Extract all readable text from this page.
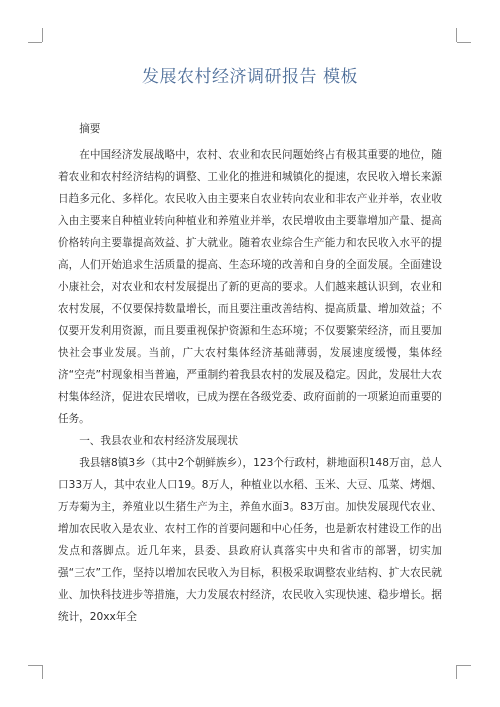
发展农村经济调研报告 模板

摘要

在中国经济发展战略中，农村、农业和农民问题始终占有极其重要的地位，随着农业和农村经济结构的调整、工业化的推进和城镇化的提速，农民收入增长来源日趋多元化、多样化。农民收入由主要来自农业转向农业和非农产业并举，农业收入由主要来自种植业转向种植业和养殖业并举，农民增收由主要靠增加产量、提高价格转向主要靠提高效益、扩大就业。随着农业综合生产能力和农民收入水平的提高，人们开始追求生活质量的提高、生态环境的改善和自身的全面发展。全面建设小康社会，对农业和农村发展提出了新的更高的要求。人们越来越认识到，农业和农村发展，不仅要保持数量增长，而且要注重改善结构、提高质量、增加效益；不仅要开发利用资源，而且要重视保护资源和生态环境；不仅要繁荣经济，而且要加快社会事业发展。当前，广大农村集体经济基础薄弱，发展速度缓慢，集体经济“空壳”村现象相当普遍，严重制约着我县农村的发展及稳定。因此，发展壮大农村集体经济，促进农民增收，已成为摆在各级党委、政府面前的一项紧迫而重要的任务。

一、我县农业和农村经济发展现状

我县辖8镇3乡（其中2个朝鲜族乡），123个行政村，耕地面积148万亩，总人口33万人，其中农业人口19。8万人，种植业以水稻、玉米、大豆、瓜菜、烤烟、万寿菊为主，养殖业以生猪生产为主，养鱼水面3。83万亩。加快发展现代农业、增加农民收入是农业、农村工作的首要问题和中心任务，也是新农村建设工作的出发点和落脚点。近几年来，县委、县政府认真落实中央和省市的部署，切实加强“三农”工作，坚持以增加农民收入为目标，积极采取调整农业结构、扩大农民就业、加快科技进步等措施，大力发展农村经济，农民收入实现快速、稳步增长。据统计，20xx年全
